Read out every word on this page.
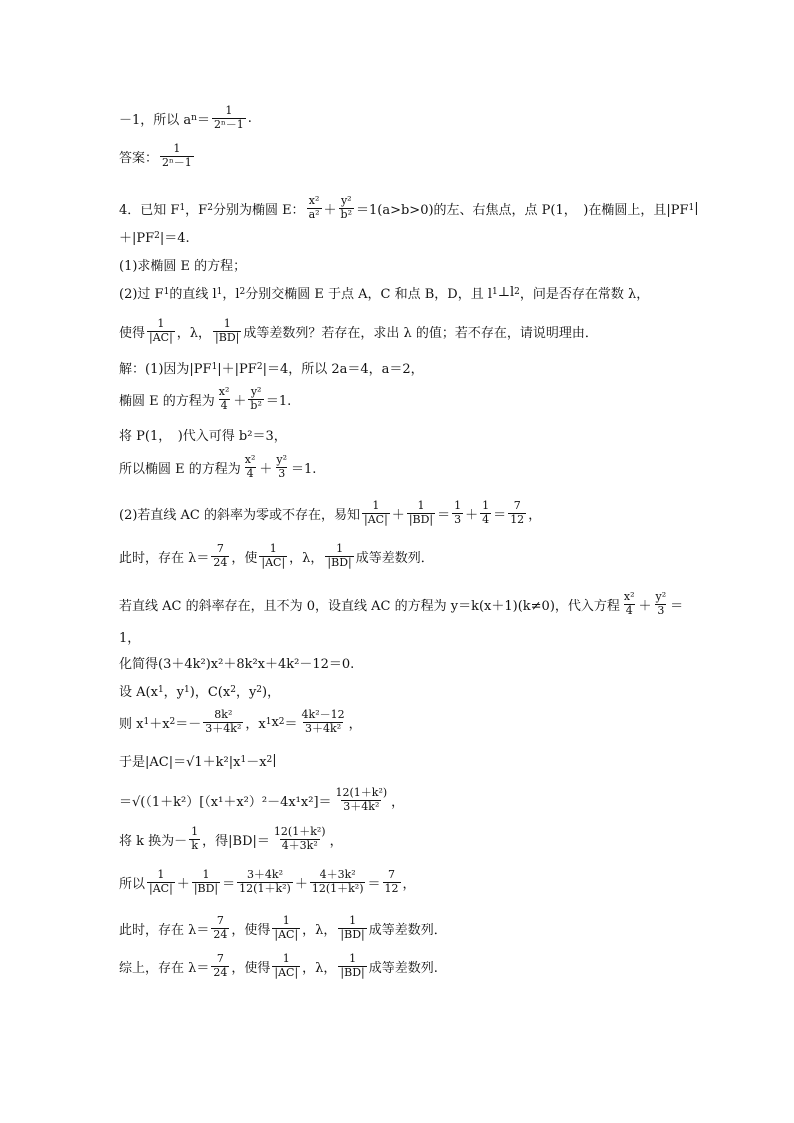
－1，所以 a $n = \frac{1}{\text{2ⁿ－1}}$ .
答案： $\frac{1}{\text{2ⁿ－1}}$
4．已知 F 1 ，F 2 分别为椭圆 E： $\frac{\text{x²}}{\text{a²}} + \frac{\text{y²}}{\text{b²}} =1(a>b>0)$的左、右焦点，点 P(1，　)在椭圆上，且|PF 1 |
＋|PF 2 |＝4.
(1)求椭圆 E 的方程；
(2)过 F 1 的直线 l 1 ，l 2 分别交椭圆 E 于点 A，C 和点 B，D，且 l 1 ⊥l 2 ，问是否存在常数 λ，
使得 $\frac{1}{|AC|}$ ，λ， $\frac{1}{|BD|}$ 成等差数列？若存在，求出 λ 的值；若不存在，请说明理由．
解：(1)因为|PF 1 |＋|PF 2 |＝4，所以 2a＝4，a＝2，
椭圆 E 的方程为 $\frac{\text{x²}}{4} + \frac{\text{y²}}{\text{b²}} =1$.
将 P(1，　)代入可得 b²＝3，
所以椭圆 E 的方程为 $\frac{\text{x²}}{4} + \frac{\text{y²}}{3} =1$.
(2)若直线 AC 的斜率为零或不存在，易知 $\frac{1}{|AC|} + \frac{1}{|BD|} = \frac{1}{3} + \frac{1}{4} = \frac{7}{12}$ ，
此时，存在 $\lambda= \frac{7}{24}$ ，使 $\frac{1}{|AC|}$ ，λ， $\frac{1}{|BD|}$ 成等差数列．
若直线 AC 的斜率存在，且不为 0，设直线 AC 的方程为 y＝k(x＋1)(k≠0)，代入方程 $\frac{\text{x²}}{4} + \frac{\text{y²}}{3}$ ＝
1，
化简得(3＋4k²)x²＋8k²x＋4k²－12＝0.
设 A(x 1 ，y 1 )，C(x 2 ，y 2 )，
则 x 1 ＋x $2 =- \frac{\text{8k²}}{\text{3＋4k²}}$ ，x 1 x $2 = \frac{\text{4k²－12}}{\text{3＋4k²}}$ ，
于是|AC|＝√1＋k²|x 1 －x 2 |
$=√((1+k^2)[(x^1+x^2)^2-4x^1x^2]= \frac{\text{12(1＋k²)}}{\text{3＋4k²}}$ ，
将 k 换为－ $\frac{1}{k}$ ，得$|BD|= \frac{\text{12(1＋k²)}}{\text{4＋3k²}}$ ，
所以 $\frac{1}{|AC|} + \frac{1}{|BD|} = \frac{\text{3＋4k²}}{\text{12(1＋k²)}} + \frac{\text{4＋3k²}}{\text{12(1＋k²)}} = \frac{7}{12}$ ，
此时，存在 $\lambda= \frac{7}{24}$ ，使得 $\frac{1}{|AC|}$ ，λ， $\frac{1}{|BD|}$ 成等差数列．
综上，存在 $\lambda= \frac{7}{24}$ ，使得 $\frac{1}{|AC|}$ ，λ， $\frac{1}{|BD|}$ 成等差数列.
